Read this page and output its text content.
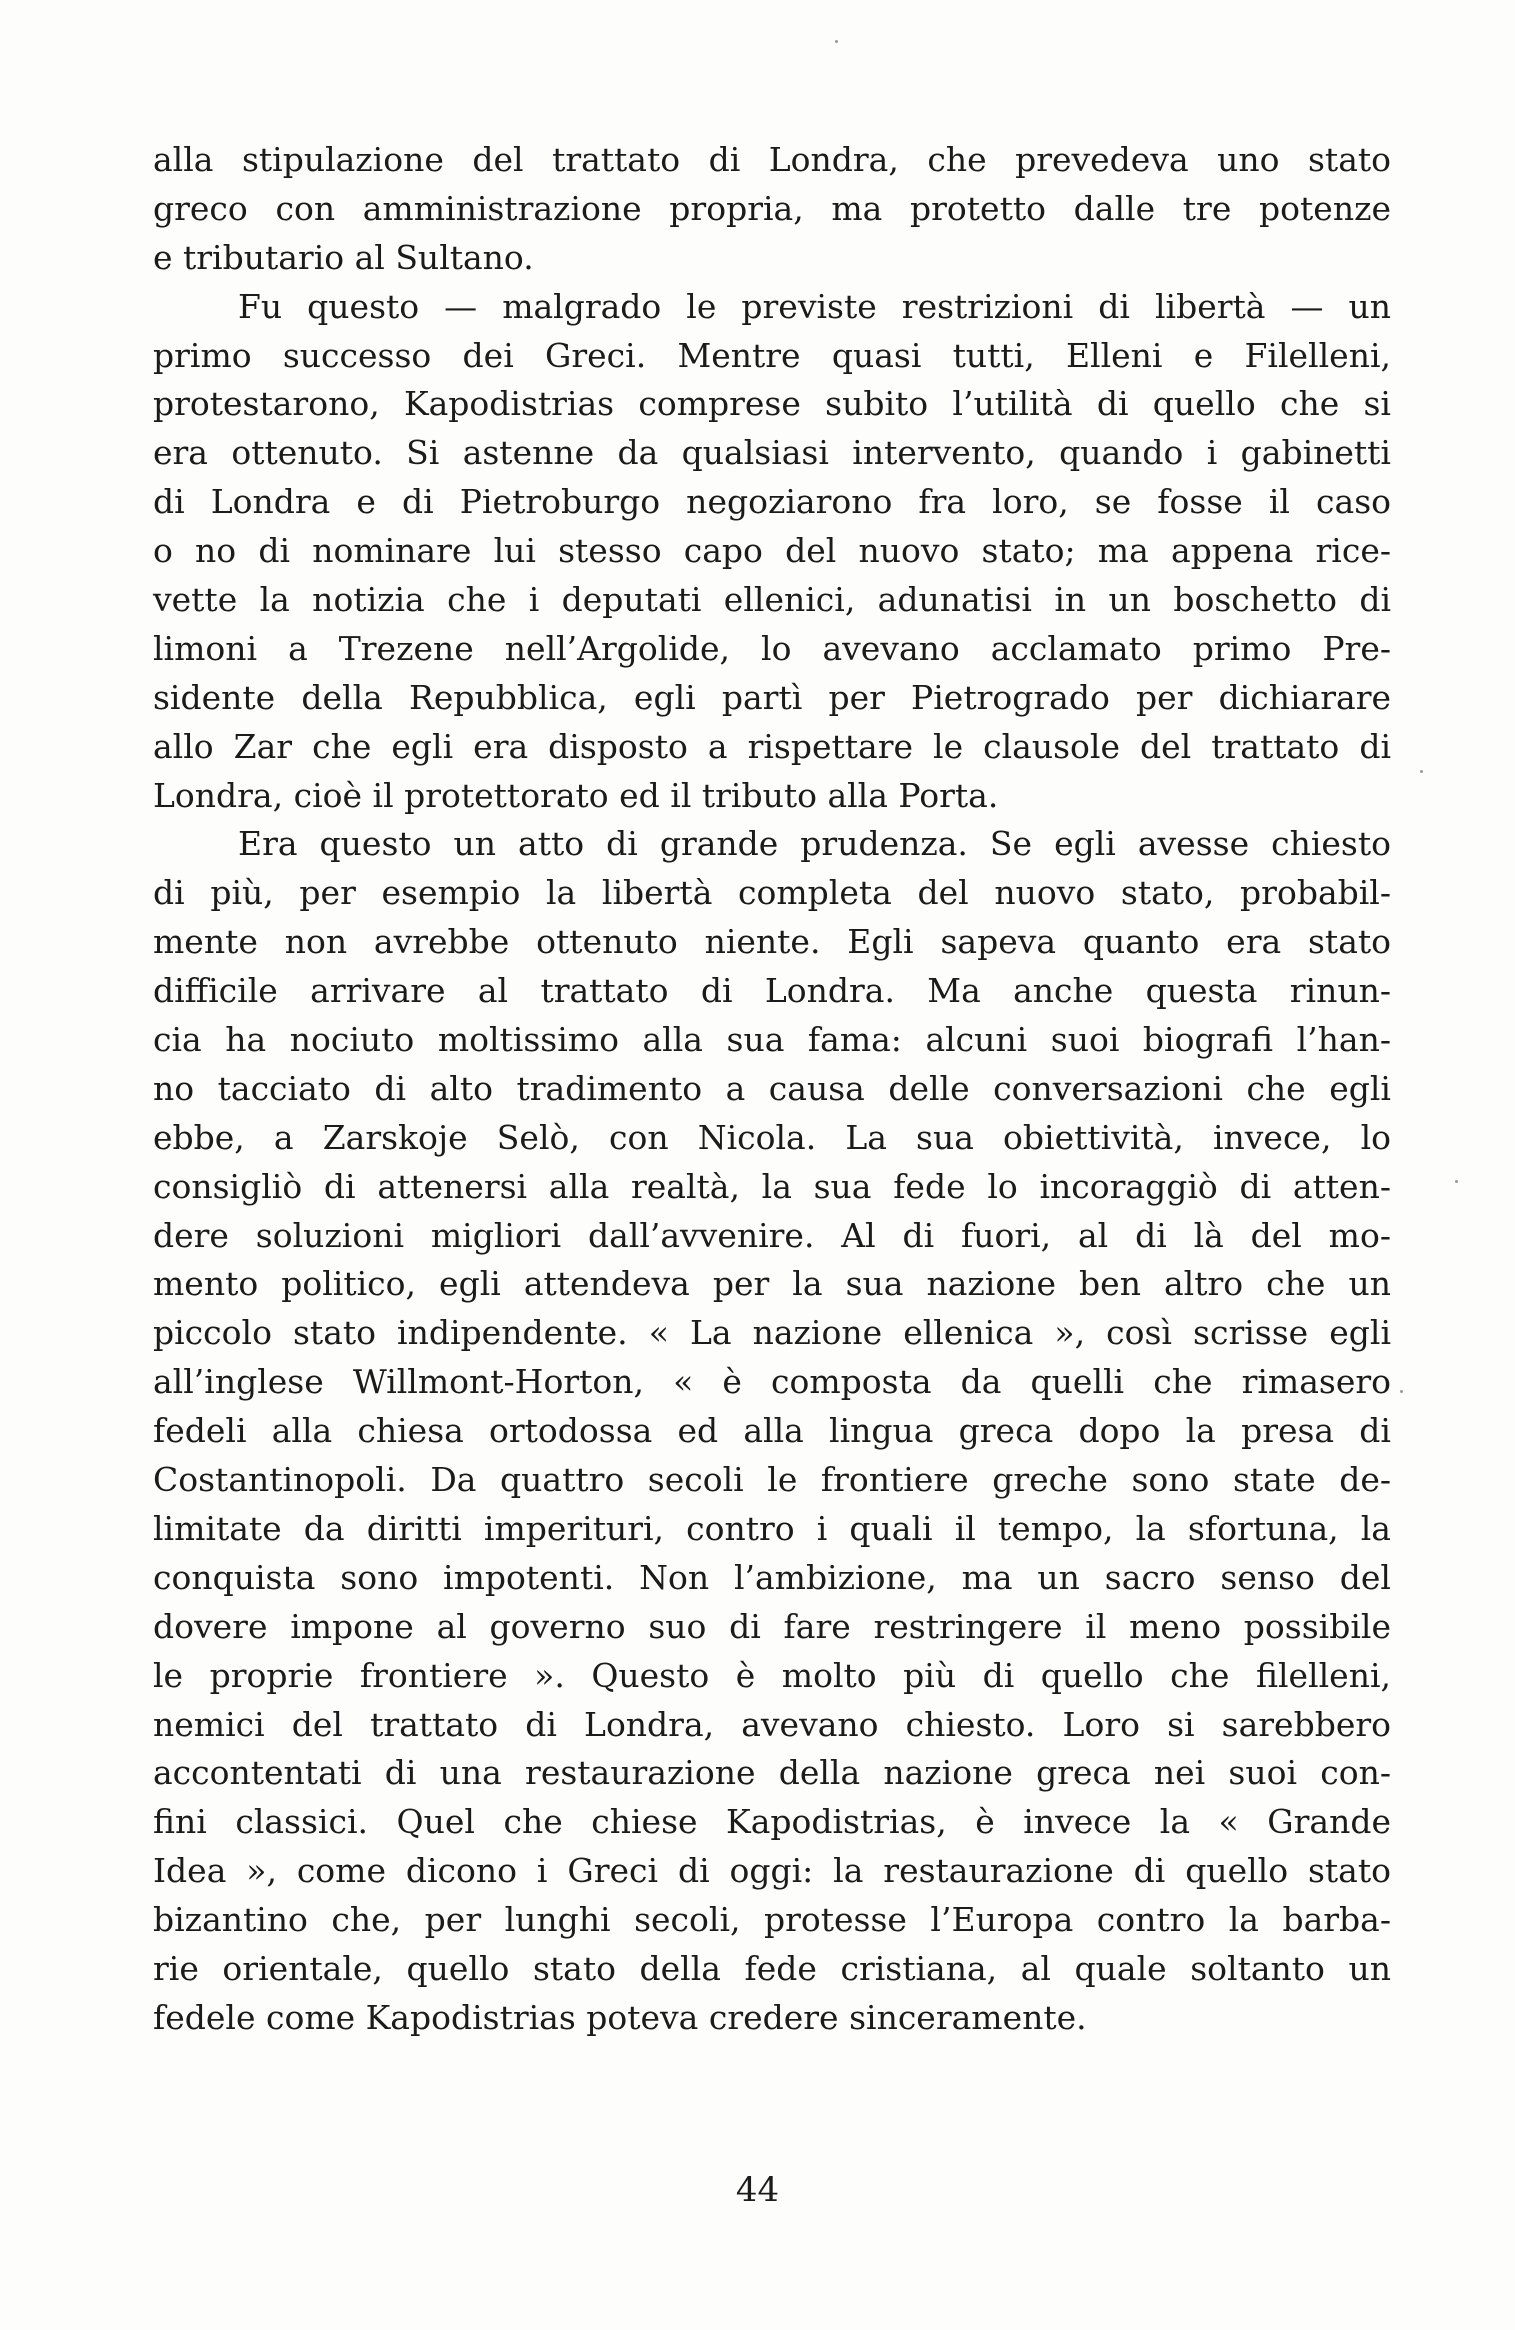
alla stipulazione del trattato di Londra, che prevedeva uno stato
greco con amministrazione propria, ma protetto dalle tre potenze
e tributario al Sultano.
Fu questo — malgrado le previste restrizioni di libertà — un
primo successo dei Greci. Mentre quasi tutti, Elleni e Filelleni,
protestarono, Kapodistrias comprese subito l’utilità di quello che si
era ottenuto. Si astenne da qualsiasi intervento, quando i gabinetti
di Londra e di Pietroburgo negoziarono fra loro, se fosse il caso
o no di nominare lui stesso capo del nuovo stato; ma appena rice-
vette la notizia che i deputati ellenici, adunatisi in un boschetto di
limoni a Trezene nell’Argolide, lo avevano acclamato primo Pre-
sidente della Repubblica, egli partì per Pietrogrado per dichiarare
allo Zar che egli era disposto a rispettare le clausole del trattato di
Londra, cioè il protettorato ed il tributo alla Porta.
Era questo un atto di grande prudenza. Se egli avesse chiesto
di più, per esempio la libertà completa del nuovo stato, probabil-
mente non avrebbe ottenuto niente. Egli sapeva quanto era stato
difficile arrivare al trattato di Londra. Ma anche questa rinun-
cia ha nociuto moltissimo alla sua fama: alcuni suoi biografi l’han-
no tacciato di alto tradimento a causa delle conversazioni che egli
ebbe, a Zarskoje Selò, con Nicola. La sua obiettività, invece, lo
consigliò di attenersi alla realtà, la sua fede lo incoraggiò di atten-
dere soluzioni migliori dall’avvenire. Al di fuori, al di là del mo-
mento politico, egli attendeva per la sua nazione ben altro che un
piccolo stato indipendente. « La nazione ellenica », così scrisse egli
all’inglese Willmont-Horton, « è composta da quelli che rimasero
fedeli alla chiesa ortodossa ed alla lingua greca dopo la presa di
Costantinopoli. Da quattro secoli le frontiere greche sono state de-
limitate da diritti imperituri, contro i quali il tempo, la sfortuna, la
conquista sono impotenti. Non l’ambizione, ma un sacro senso del
dovere impone al governo suo di fare restringere il meno possibile
le proprie frontiere ». Questo è molto più di quello che filelleni,
nemici del trattato di Londra, avevano chiesto. Loro si sarebbero
accontentati di una restaurazione della nazione greca nei suoi con-
fini classici. Quel che chiese Kapodistrias, è invece la « Grande
Idea », come dicono i Greci di oggi: la restaurazione di quello stato
bizantino che, per lunghi secoli, protesse l’Europa contro la barba-
rie orientale, quello stato della fede cristiana, al quale soltanto un
fedele come Kapodistrias poteva credere sinceramente.
44
